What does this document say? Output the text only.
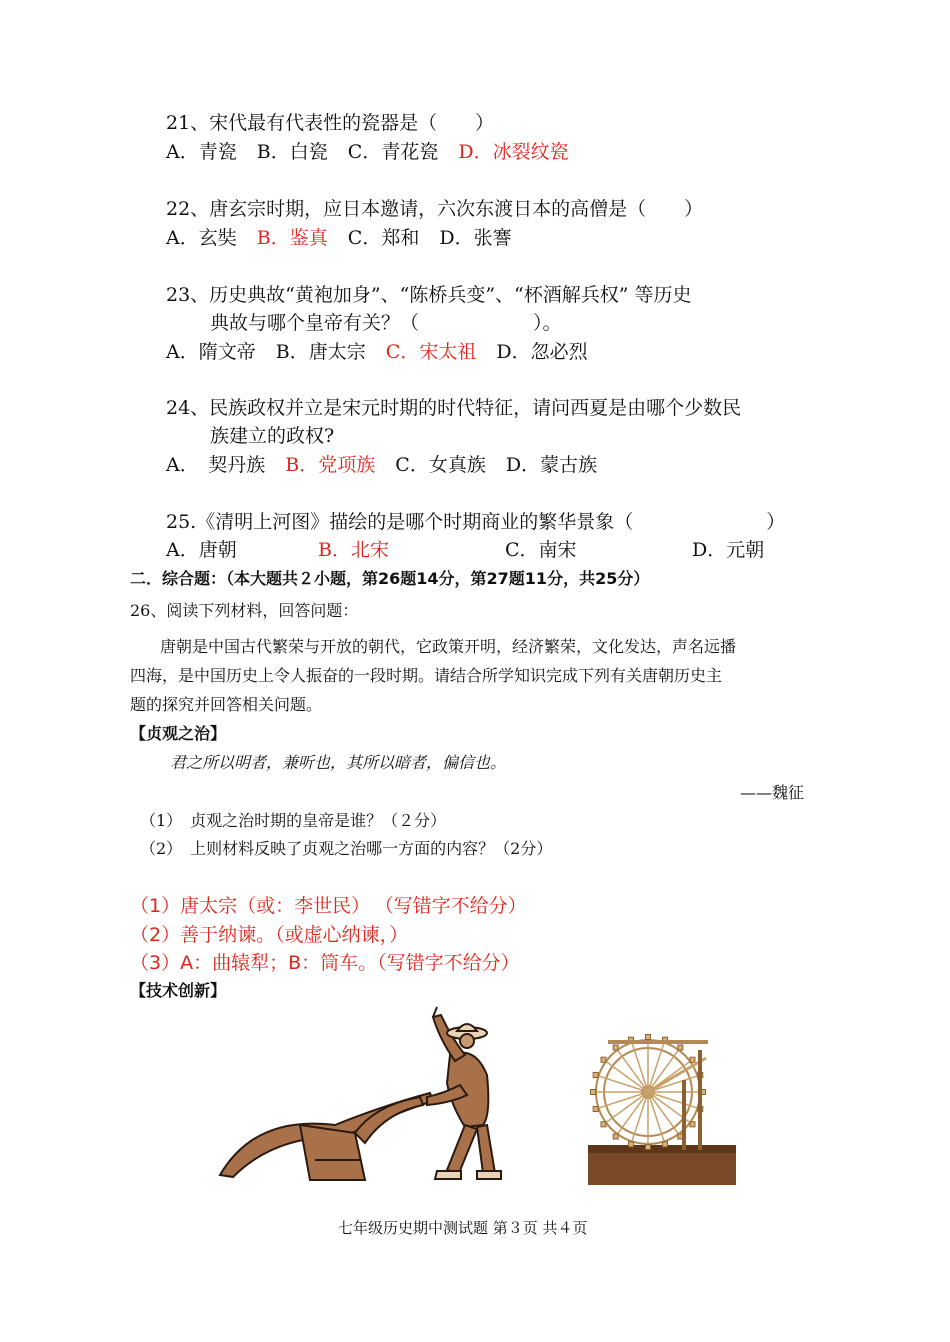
21、宋代最有代表性的瓷器是（　　）
A．青瓷 B．白瓷 C．青花瓷 D．冰裂纹瓷
22、唐玄宗时期，应日本邀请，六次东渡日本的高僧是（　　）
A．玄奘 B．鉴真 C．郑和 D．张謇
23、历史典故“黄袍加身”、“陈桥兵变”、“杯酒解兵权” 等历史
典故与哪个皇帝有关？（　　　　　　）。
A．隋文帝 B．唐太宗 C．宋太祖 D．忽必烈
24、民族政权并立是宋元时期的时代特征，请问西夏是由哪个少数民
族建立的政权?
A．　契丹族 B．党项族 C．女真族 D．蒙古族
25.《清明上河图》描绘的是哪个时期商业的繁华景象（　　　　　　　）
A．唐朝	B．北宋	C．南宋	D．元朝
二．综合题：（本大题共２小题，第26题14分，第27题11分，共25分）
26、阅读下列材料，回答问题：
唐朝是中国古代繁荣与开放的朝代，它政策开明，经济繁荣，文化发达，声名远播
四海，是中国历史上令人振奋的一段时期。请结合所学知识完成下列有关唐朝历史主
题的探究并回答相关问题。
【贞观之治】
君之所以明者，兼听也，其所以暗者，偏信也。
——魏征
（1）　贞观之治时期的皇帝是谁？（２分）
（2）　上则材料反映了贞观之治哪一方面的内容？（2分）
（1）唐太宗（或：李世民） （写错字不给分）
（2）善于纳谏。（或虚心纳谏，）
（3）A：曲辕犁；B：筒车。（写错字不给分）
【技术创新】
七年级历史期中测试题 第３页 共４页
